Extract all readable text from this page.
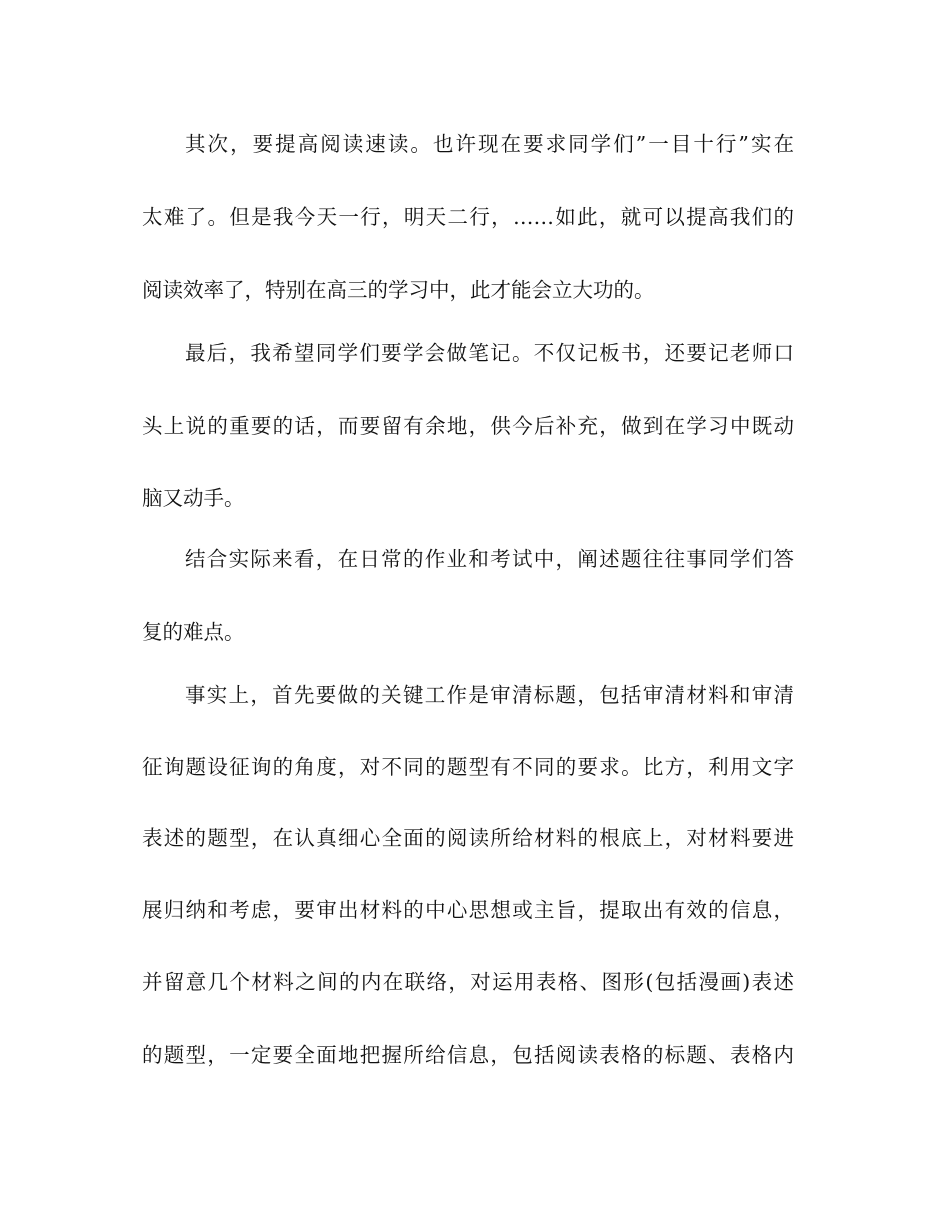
其次，要提高阅读速读。也许现在要求同学们”一目十行”实在
太难了。但是我今天一行，明天二行，……如此，就可以提高我们的
阅读效率了，特别在高三的学习中，此才能会立大功的。
最后，我希望同学们要学会做笔记。不仅记板书，还要记老师口
头上说的重要的话，而要留有余地，供今后补充，做到在学习中既动
脑又动手。
结合实际来看，在日常的作业和考试中，阐述题往往事同学们答
复的难点。
事实上，首先要做的关键工作是审清标题，包括审清材料和审清
征询题设征询的角度，对不同的题型有不同的要求。比方，利用文字
表述的题型，在认真细心全面的阅读所给材料的根底上，对材料要进
展归纳和考虑，要审出材料的中心思想或主旨，提取出有效的信息，
并留意几个材料之间的内在联络，对运用表格、图形(包括漫画)表述
的题型，一定要全面地把握所给信息，包括阅读表格的标题、表格内
